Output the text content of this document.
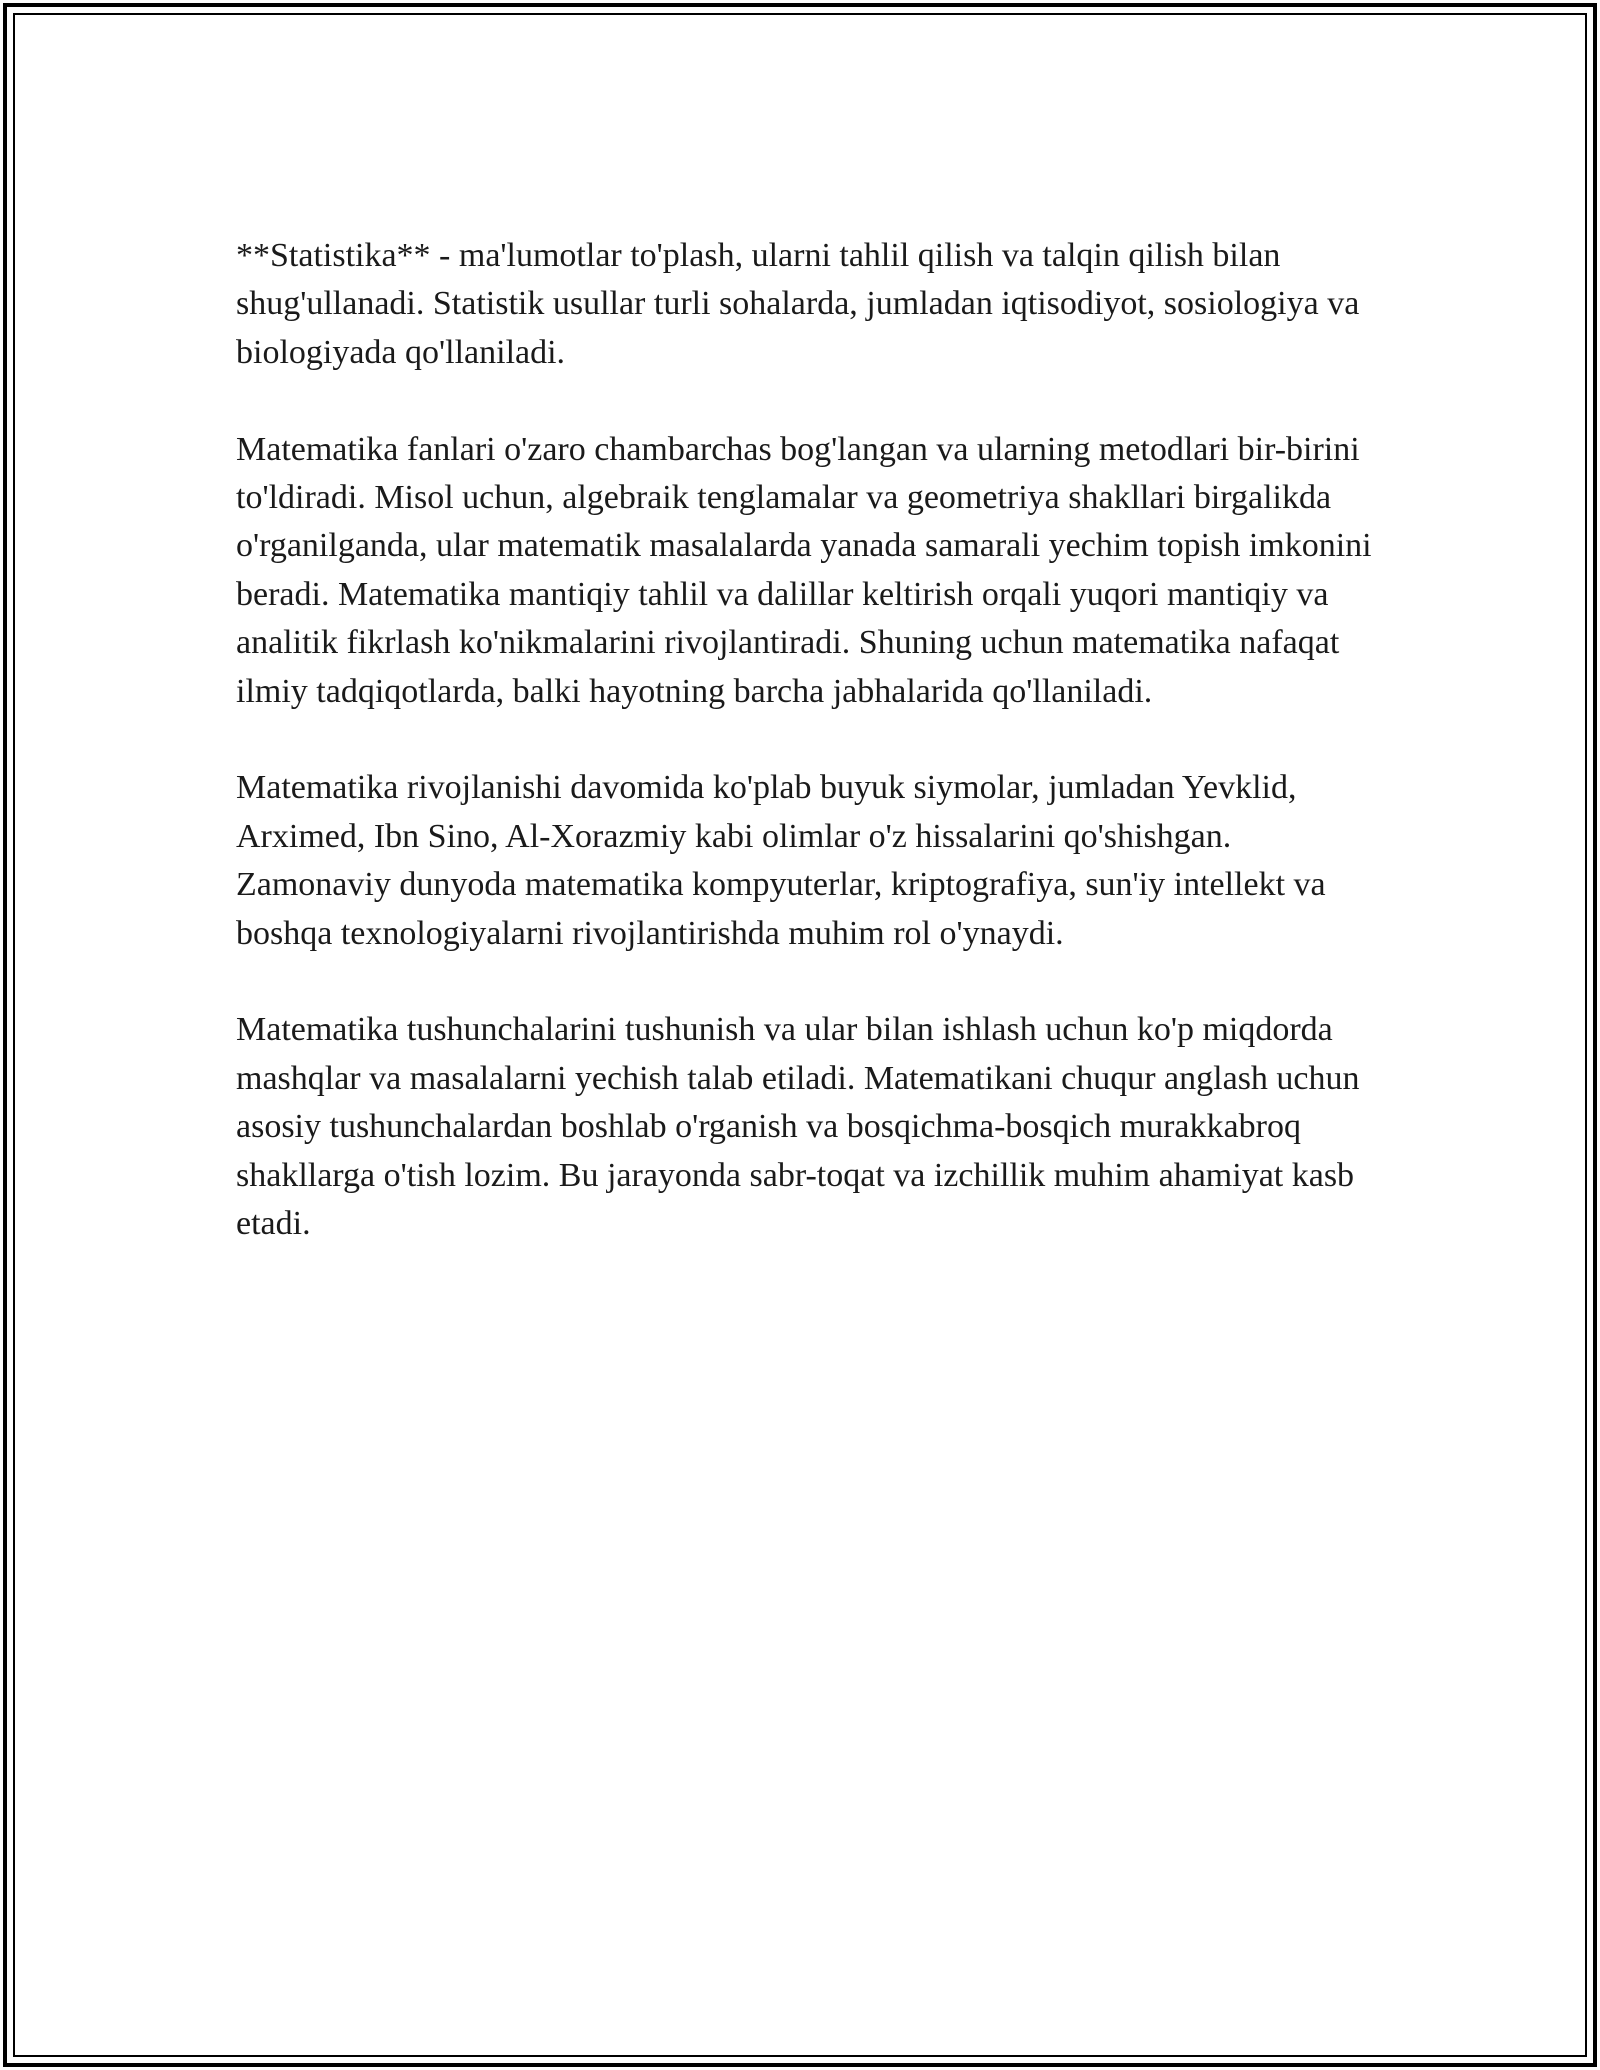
**Statistika** - ma'lumotlar to'plash, ularni tahlil qilish va talqin qilish bilan shug'ullanadi. Statistik usullar turli sohalarda, jumladan iqtisodiyot, sosiologiya va biologiyada qo'llaniladi.

Matematika fanlari o'zaro chambarchas bog'langan va ularning metodlari bir-birini to'ldiradi. Misol uchun, algebraik tenglamalar va geometriya shakllari birgalikda o'rganilganda, ular matematik masalalarda yanada samarali yechim topish imkonini beradi. Matematika mantiqiy tahlil va dalillar keltirish orqali yuqori mantiqiy va analitik fikrlash ko'nikmalarini rivojlantiradi. Shuning uchun matematika nafaqat ilmiy tadqiqotlarda, balki hayotning barcha jabhalarida qo'llaniladi.

Matematika rivojlanishi davomida ko'plab buyuk siymolar, jumladan Yevklid, Arximed, Ibn Sino, Al-Xorazmiy kabi olimlar o'z hissalarini qo'shishgan. Zamonaviy dunyoda matematika kompyuterlar, kriptografiya, sun'iy intellekt va boshqa texnologiyalarni rivojlantirishda muhim rol o'ynaydi.

Matematika tushunchalarini tushunish va ular bilan ishlash uchun ko'p miqdorda mashqlar va masalalarni yechish talab etiladi. Matematikani chuqur anglash uchun asosiy tushunchalardan boshlab o'rganish va bosqichma-bosqich murakkabroq shakllarga o'tish lozim. Bu jarayonda sabr-toqat va izchillik muhim ahamiyat kasb etadi.
